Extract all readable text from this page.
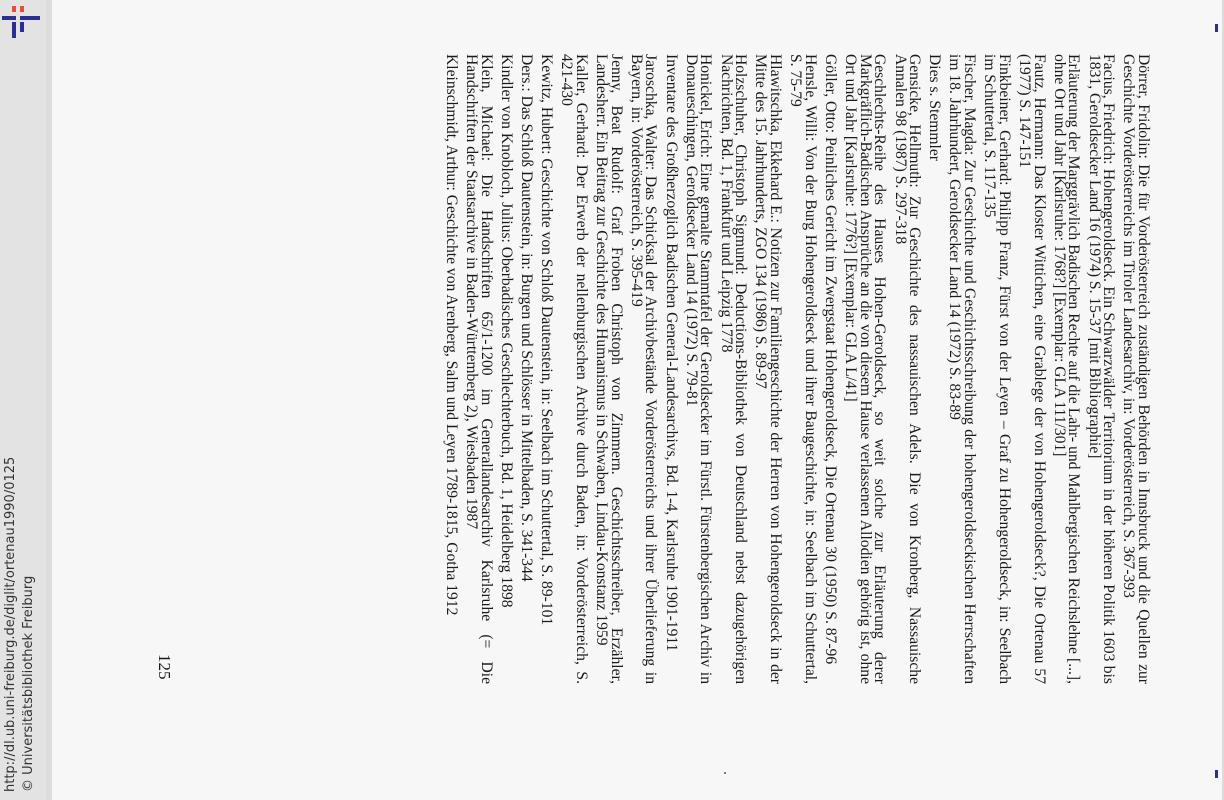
http://dl.ub.uni-freiburg.de/diglit/ortenau1990/0125 © Universitätsbibliothek Freiburg	Dörrer, Fridolin: Die für Vorderösterreich zuständigen Behörden in Innsbruck und die Quellen zur Geschichte Vorderösterreichs im Tiroler Landesarchiv, in: Vorderösterreich, S. 367-393

Facius, Friedrich: Hohengeroldseck. Ein Schwarzwälder Territorium in der höheren Politik 1603 bis 1831, Geroldsecker Land 16 (1974) S. 15-37 [mit Bibliographie]

Erläuterung der Marggrävlich Badischen Rechte auf die Lahr- und Mahlbergischen Reichslehne [...], ohne Ort und Jahr [Karlsruhe: 1768?] [Exemplar: GLA 111/301]

Fautz, Hermann: Das Kloster Wittichen, eine Grablege der von Hohengeroldseck?, Die Ortenau 57 (1977) S. 147-151

Finkbeiner, Gerhard: Philipp Franz, Fürst von der Leyen – Graf zu Hohengeroldseck, in: Seelbach im Schuttertal, S. 117-135

Fischer, Magda: Zur Geschichte und Geschichtsschreibung der hohengeroldseckischen Herrschaften im 18. Jahrhundert, Geroldsecker Land 14 (1972) S. 83-89

Dies s. Stemmler

Gensicke, Hellmuth: Zur Geschichte des nassauischen Adels. Die von Kronberg, Nassauische Annalen 98 (1987) S. 297-318

Geschlechts-Reihe des Hauses Hohen-Geroldseck, so weit solche zur Erläuterung derer Markgräflich-Badischen Ansprüche an die von diesem Hause verlassenen Allodien gehörig ist, ohne Ort und Jahr [Karlsruhe: 1776?] [Exemplar: GLA L/41]

Göller, Otto: Peinliches Gericht im Zwergstaat Hohengeroldseck, Die Ortenau 30 (1950) S. 87-96

Hensle, Willi: Von der Burg Hohengeroldseck und ihrer Baugeschichte, in: Seelbach im Schuttertal, S. 75-79

Hlawitschka, Ekkehard E.: Notizen zur Familiengeschichte der Herren von Hohengeroldseck in der Mitte des 15. Jahrhunderts, ZGO 134 (1986) S. 89-97

Holzschuher, Christoph Sigmund: Deductions-Bibliothek von Deutschland nebst dazugehörigen Nachrichten, Bd. 1, Frankfurt und Leipzig 1778

Honickel, Erich: Eine gemalte Stammtafel der Geroldsecker im Fürstl. Fürstenbergischen Archiv in Donaueschingen, Geroldsecker Land 14 (1972) S. 79-81

Inventare des Großherzoglich Badischen General-Landesarchivs, Bd. 1-4, Karlsruhe 1901-1911

Jaroschka, Walter: Das Schicksal der Archivbestände Vorderösterreichs und ihrer Überlieferung in Bayern, in: Vorderösterreich, S. 395-419

Jenny, Beat Rudolf: Graf Froben Christoph von Zimmern. Geschichtsschreiber, Erzähler, Landesherr. Ein Beitrag zur Geschichte des Humanismus in Schwaben, Lindau-Konstanz 1959

Kaller, Gerhard: Der Erwerb der nellenburgischen Archive durch Baden, in: Vorderösterreich, S. 421-430

Kewitz, Hubert: Geschichte von Schloß Dautenstein, in: Seelbach im Schuttertal, S. 89-101

Ders.: Das Schloß Dautenstein, in: Burgen und Schlösser in Mittelbaden, S. 341-344

Kindler von Knobloch, Julius: Oberbadisches Geschlechterbuch, Bd. 1, Heidelberg 1898

Klein, Michael: Die Handschriften 65/1-1200 im Generallandesarchiv Karlsruhe (= Die Handschriften der Staatsarchive in Baden-Württemberg 2), Wiesbaden 1987

Kleinschmidt, Arthur: Geschichte von Arenberg, Salm und Leyen 1789-1815, Gotha 1912

125
